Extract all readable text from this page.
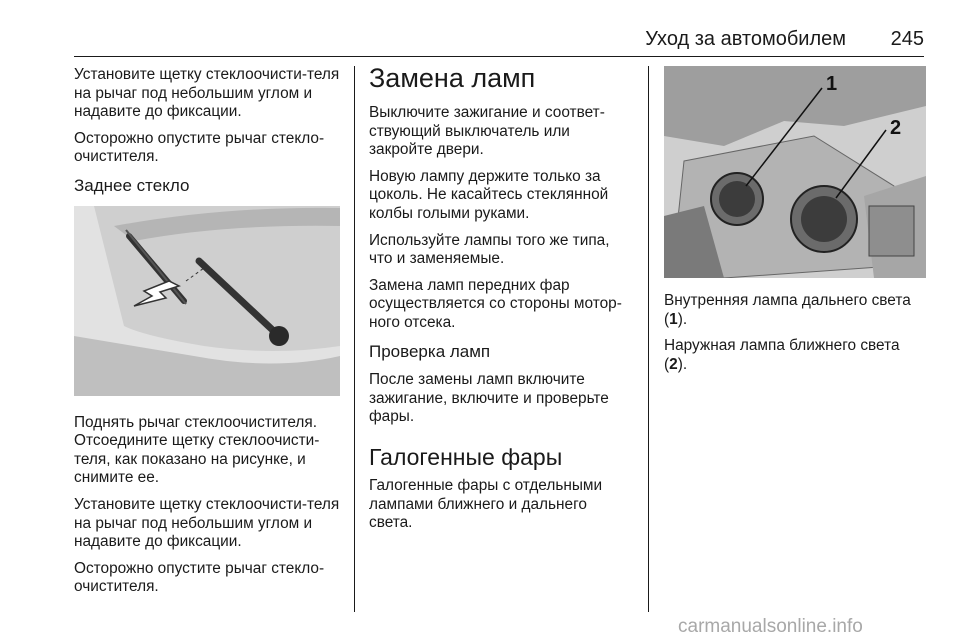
Уход за автомобилем 245

Установите щетку стеклоочисти-теля на рычаг под небольшим углом и надавите до фиксации.

Осторожно опустите рычаг стекло-очистителя.

Заднее стекло

Поднять рычаг стеклоочистителя. Отсоедините щетку стеклоочисти-теля, как показано на рисунке, и снимите ее.

Установите щетку стеклоочисти-теля на рычаг под небольшим углом и надавите до фиксации.

Осторожно опустите рычаг стекло-очистителя.

Замена ламп

Выключите зажигание и соответ-ствующий выключатель или закройте двери.

Новую лампу держите только за цоколь. Не касайтесь стеклянной колбы голыми руками.

Используйте лампы того же типа, что и заменяемые.

Замена ламп передних фар осуществляется со стороны мотор-ного отсека.

Проверка ламп

После замены ламп включите зажигание, включите и проверьте фары.

Галогенные фары

Галогенные фары с отдельными лампами ближнего и дальнего света.

1
2

Внутренняя лампа дальнего света (1).

Наружная лампа ближнего света (2).

carmanualsonline.info
